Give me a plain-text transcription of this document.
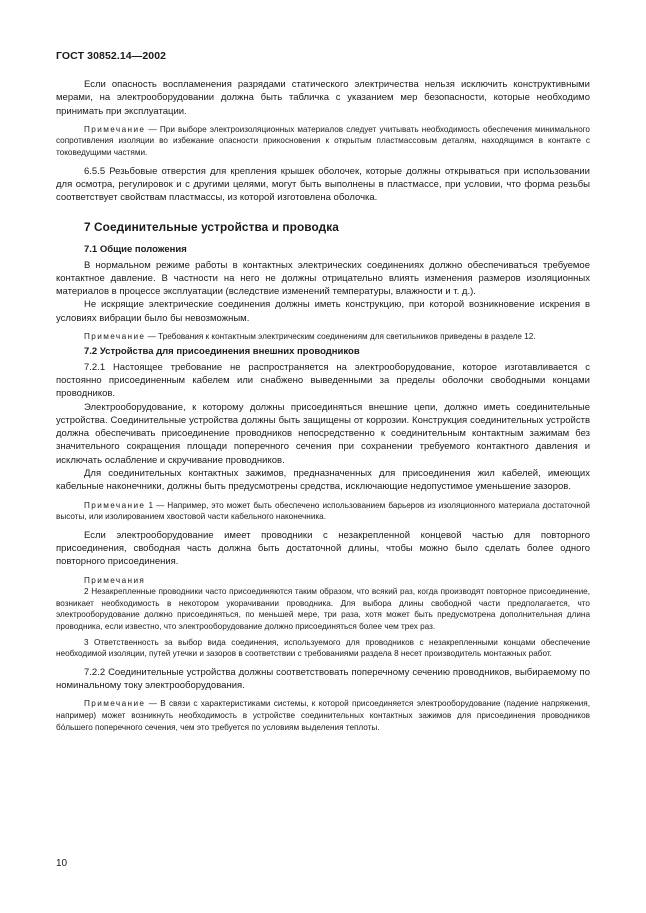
ГОСТ 30852.14—2002

Если опасность воспламенения разрядами статического электричества нельзя исключить конструктивными мерами, на электрооборудовании должна быть табличка с указанием мер безопасности, которые необходимо принимать при эксплуатации.

Примечание — При выборе электроизоляционных материалов следует учитывать необходимость обеспечения минимального сопротивления изоляции во избежание опасности прикосновения к открытым пластмассовым деталям, находящимся в контакте с токоведущими частями.

6.5.5 Резьбовые отверстия для крепления крышек оболочек, которые должны открываться при использовании для осмотра, регулировок и с другими целями, могут быть выполнены в пластмассе, при условии, что форма резьбы соответствует свойствам пластмассы, из которой изготовлена оболочка.

7 Соединительные устройства и проводка
7.1 Общие положения

В нормальном режиме работы в контактных электрических соединениях должно обеспечиваться требуемое контактное давление. В частности на него не должны отрицательно влиять изменения размеров изоляционных материалов в процессе эксплуатации (вследствие изменений температуры, влажности и т. д.).

Не искрящие электрические соединения должны иметь конструкцию, при которой возникновение искрения в условиях вибрации было бы невозможным.

Примечание — Требования к контактным электрическим соединениям для светильников приведены в разделе 12.

7.2 Устройства для присоединения внешних проводников

7.2.1 Настоящее требование не распространяется на электрооборудование, которое изготавливается с постоянно присоединенным кабелем или снабжено выведенными за пределы оболочки свободными концами проводников.

Электрооборудование, к которому должны присоединяться внешние цепи, должно иметь соединительные устройства. Соединительные устройства должны быть защищены от коррозии. Конструкция соединительных устройств должна обеспечивать присоединение проводников непосредственно к соединительным контактным зажимам без значительного сокращения площади поперечного сечения при сохранении требуемого контактного давления и исключать ослабление и скручивание проводников.

Для соединительных контактных зажимов, предназначенных для присоединения жил кабелей, имеющих кабельные наконечники, должны быть предусмотрены средства, исключающие недопустимое уменьшение зазоров.

Примечание 1 — Например, это может быть обеспечено использованием барьеров из изоляционного материала достаточной высоты, или изолированием хвостовой части кабельного наконечника.

Если электрооборудование имеет проводники с незакрепленной концевой частью для повторного присоединения, свободная часть должна быть достаточной длины, чтобы можно было сделать более одного повторного присоединения.

Примечания

2 Незакрепленные проводники часто присоединяются таким образом, что всякий раз, когда производят повторное присоединение, возникает необходимость в некотором укорачивании проводника. Для выбора длины свободной части предполагается, что электрооборудование должно присоединяться, по меньшей мере, три раза, хотя может быть предусмотрена дополнительная длина проводника, если известно, что электрооборудование должно присоединяться более чем трех раз.

3 Ответственность за выбор вида соединения, используемого для проводников с незакрепленными концами обеспечение необходимой изоляции, путей утечки и зазоров в соответствии с требованиями раздела 8 несет производитель монтажных работ.

7.2.2 Соединительные устройства должны соответствовать поперечному сечению проводников, выбираемому по номинальному току электрооборудования.

Примечание — В связи с характеристиками системы, к которой присоединяется электрооборудование (падение напряжения, например) может возникнуть необходимость в устройстве соединительных контактных зажимов для присоединения проводников бо́льшего поперечного сечения, чем это требуется по условиям выделения теплоты.

10
